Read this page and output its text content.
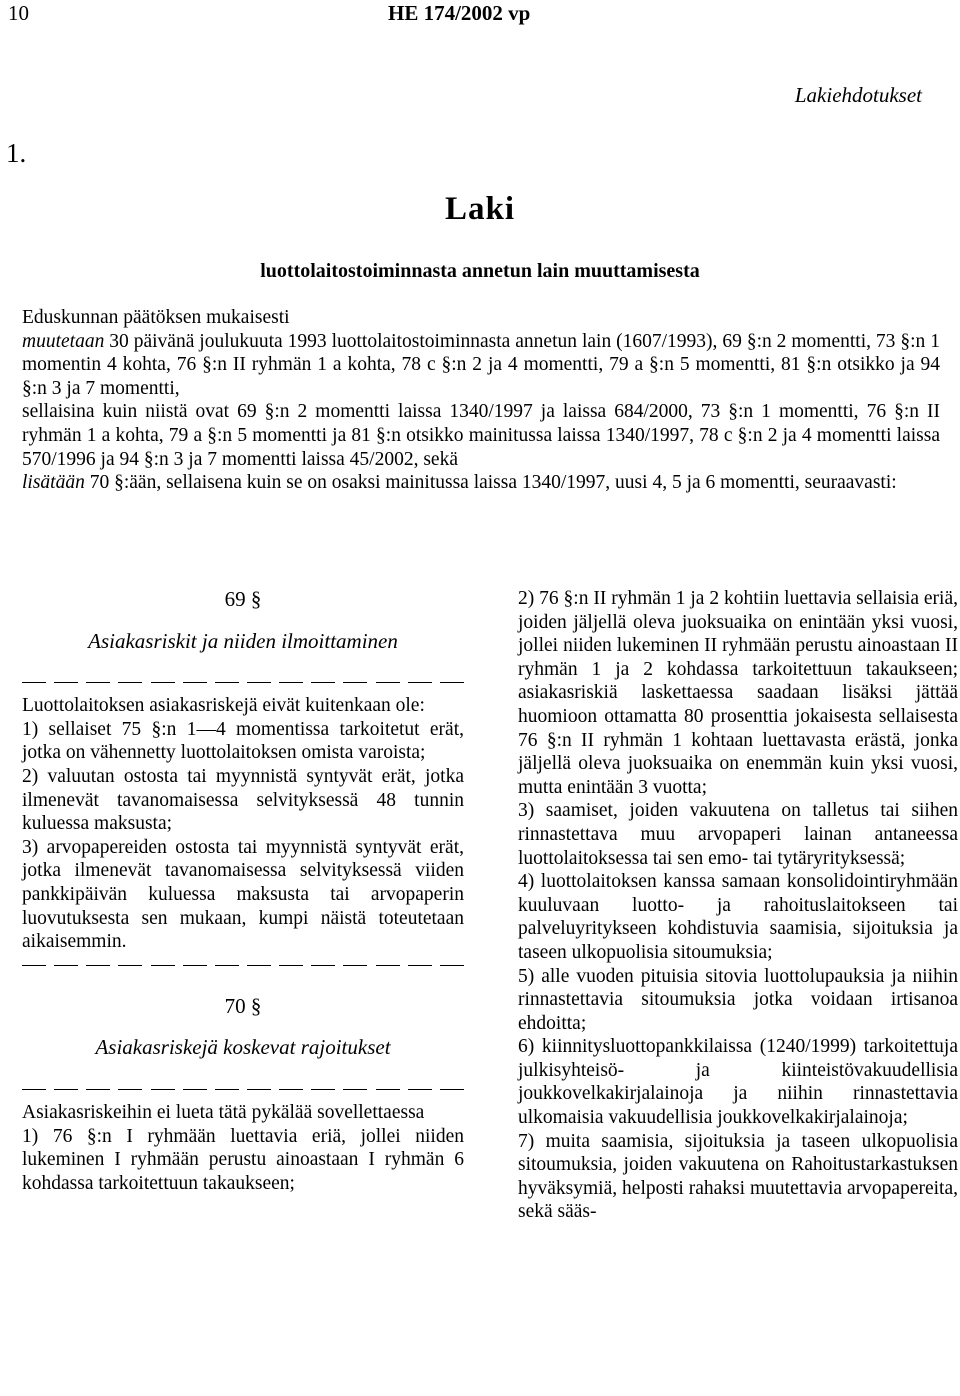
10	HE 174/2002 vp
Lakiehdotukset
1.
Laki
luottolaitostoiminnasta annetun lain muuttamisesta

Eduskunnan päätöksen mukaisesti

muutetaan 30 päivänä joulukuuta 1993 luottolaitostoiminnasta annetun lain (1607/1993), 69 §:n 2 momentti, 73 §:n 1 momentin 4 kohta, 76 §:n II ryhmän 1 a kohta, 78 c §:n 2 ja 4 momentti, 79 a §:n 5 momentti, 81 §:n otsikko ja 94 §:n 3 ja 7 momentti,

sellaisina kuin niistä ovat 69 §:n 2 momentti laissa 1340/1997 ja laissa 684/2000, 73 §:n 1 momentti, 76 §:n II ryhmän 1 a kohta, 79 a §:n 5 momentti ja 81 §:n otsikko mainitussa laissa 1340/1997, 78 c §:n 2 ja 4 momentti laissa 570/1996 ja 94 §:n 3 ja 7 momentti laissa 45/2002, sekä

lisätään 70 §:ään, sellaisena kuin se on osaksi mainitussa laissa 1340/1997, uusi 4, 5 ja 6 momentti, seuraavasti:

69 §

Asiakasriskit ja niiden ilmoittaminen

Luottolaitoksen asiakasriskejä eivät kuitenkaan ole:

1) sellaiset 75 §:n 1—4 momentissa tarkoitetut erät, jotka on vähennetty luottolaitoksen omista varoista;

2) valuutan ostosta tai myynnistä syntyvät erät, jotka ilmenevät tavanomaisessa selvityksessä 48 tunnin kuluessa maksusta;

3) arvopapereiden ostosta tai myynnistä syntyvät erät, jotka ilmenevät tavanomaisessa selvityksessä viiden pankkipäivän kuluessa maksusta tai arvopaperin luovutuksesta sen mukaan, kumpi näistä toteutetaan aikaisemmin.

70 §

Asiakasriskejä koskevat rajoitukset

Asiakasriskeihin ei lueta tätä pykälää sovellettaessa

1) 76 §:n I ryhmään luettavia eriä, jollei niiden lukeminen I ryhmään perustu ainoastaan I ryhmän 6 kohdassa tarkoitettuun takaukseen;

2) 76 §:n II ryhmän 1 ja 2 kohtiin luettavia sellaisia eriä, joiden jäljellä oleva juoksuaika on enintään yksi vuosi, jollei niiden lukeminen II ryhmään perustu ainoastaan II ryhmän 1 ja 2 kohdassa tarkoitettuun takaukseen; asiakasriskiä laskettaessa saadaan lisäksi jättää huomioon ottamatta 80 prosenttia jokaisesta sellaisesta 76 §:n II ryhmän 1 kohtaan luettavasta erästä, jonka jäljellä oleva juoksuaika on enemmän kuin yksi vuosi, mutta enintään 3 vuotta;

3) saamiset, joiden vakuutena on talletus tai siihen rinnastettava muu arvopaperi lainan antaneessa luottolaitoksessa tai sen emo- tai tytäryrityksessä;

4) luottolaitoksen kanssa samaan konsolidointiryhmään kuuluvaan luotto- ja rahoituslaitokseen tai palveluyritykseen kohdistuvia saamisia, sijoituksia ja taseen ulkopuolisia sitoumuksia;

5) alle vuoden pituisia sitovia luottolupauksia ja niihin rinnastettavia sitoumuksia jotka voidaan irtisanoa ehdoitta;

6) kiinnitysluottopankkilaissa (1240/1999) tarkoitettuja julkisyhteisö- ja kiinteistövakuudellisia joukkovelkakirjalainoja ja niihin rinnastettavia ulkomaisia vakuudellisia joukkovelkakirjalainoja;

7) muita saamisia, sijoituksia ja taseen ulkopuolisia sitoumuksia, joiden vakuutena on Rahoitustarkastuksen hyväksymiä, helposti rahaksi muutettavia arvopapereita, sekä sääs-
